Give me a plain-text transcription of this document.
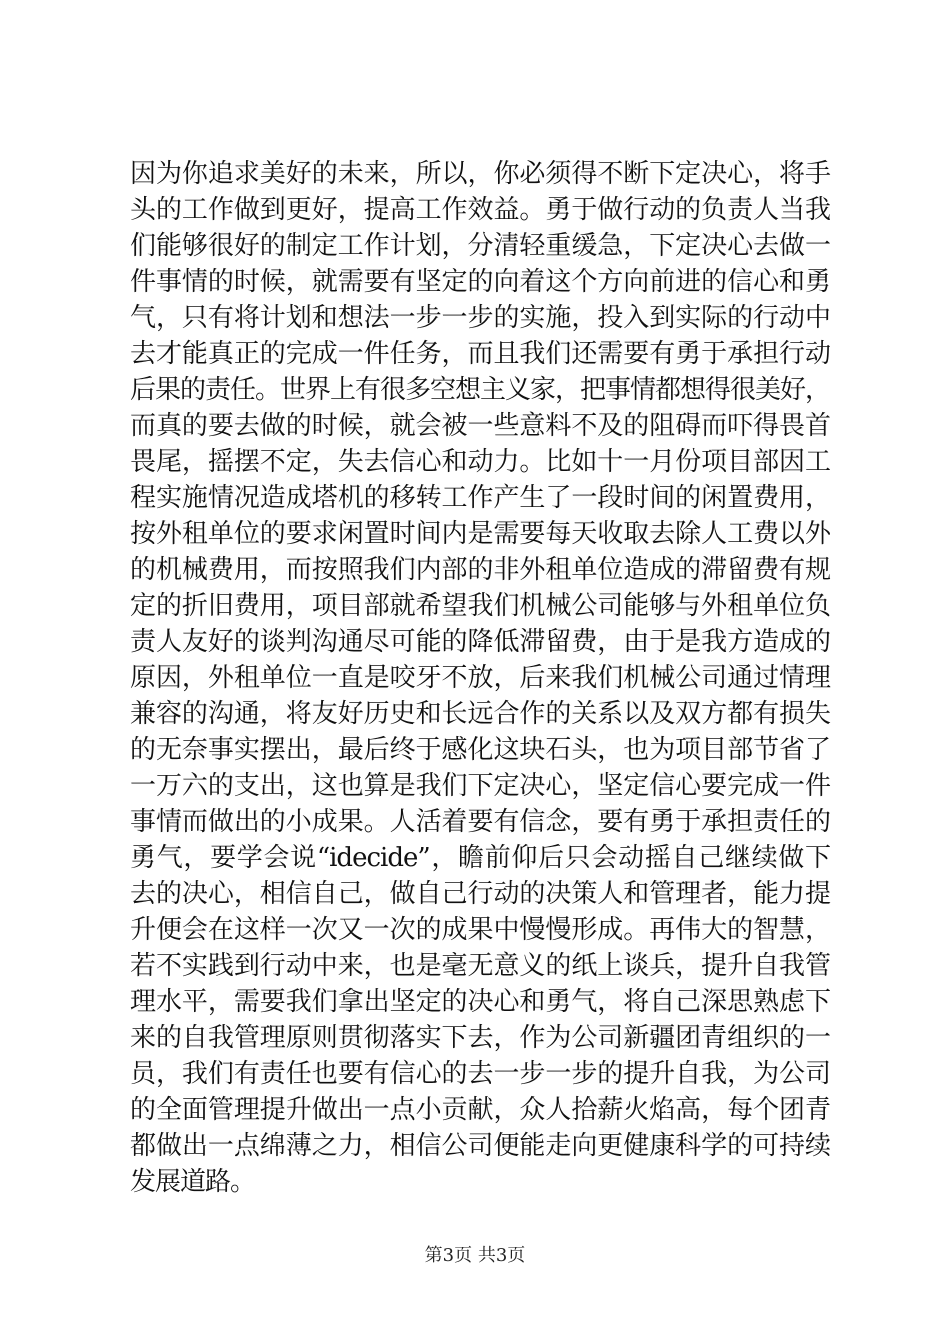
因为你追求美好的未来，所以，你必须得不断下定决心，将手
头的工作做到更好，提高工作效益。勇于做行动的负责人当我
们能够很好的制定工作计划，分清轻重缓急，下定决心去做一
件事情的时候，就需要有坚定的向着这个方向前进的信心和勇
气，只有将计划和想法一步一步的实施，投入到实际的行动中
去才能真正的完成一件任务，而且我们还需要有勇于承担行动
后果的责任。世界上有很多空想主义家，把事情都想得很美好，
而真的要去做的时候，就会被一些意料不及的阻碍而吓得畏首
畏尾，摇摆不定，失去信心和动力。比如十一月份项目部因工
程实施情况造成塔机的移转工作产生了一段时间的闲置费用，
按外租单位的要求闲置时间内是需要每天收取去除人工费以外
的机械费用，而按照我们内部的非外租单位造成的滞留费有规
定的折旧费用，项目部就希望我们机械公司能够与外租单位负
责人友好的谈判沟通尽可能的降低滞留费，由于是我方造成的
原因，外租单位一直是咬牙不放，后来我们机械公司通过情理
兼容的沟通，将友好历史和长远合作的关系以及双方都有损失
的无奈事实摆出，最后终于感化这块石头，也为项目部节省了
一万六的支出，这也算是我们下定决心，坚定信心要完成一件
事情而做出的小成果。人活着要有信念，要有勇于承担责任的
勇气，要学会说“idecide”，瞻前仰后只会动摇自己继续做下
去的决心，相信自己，做自己行动的决策人和管理者，能力提
升便会在这样一次又一次的成果中慢慢形成。再伟大的智慧，
若不实践到行动中来，也是毫无意义的纸上谈兵，提升自我管
理水平，需要我们拿出坚定的决心和勇气，将自己深思熟虑下
来的自我管理原则贯彻落实下去，作为公司新疆团青组织的一
员，我们有责任也要有信心的去一步一步的提升自我，为公司
的全面管理提升做出一点小贡献，众人拾薪火焰高，每个团青
都做出一点绵薄之力，相信公司便能走向更健康科学的可持续
发展道路。
第3页 共3页
